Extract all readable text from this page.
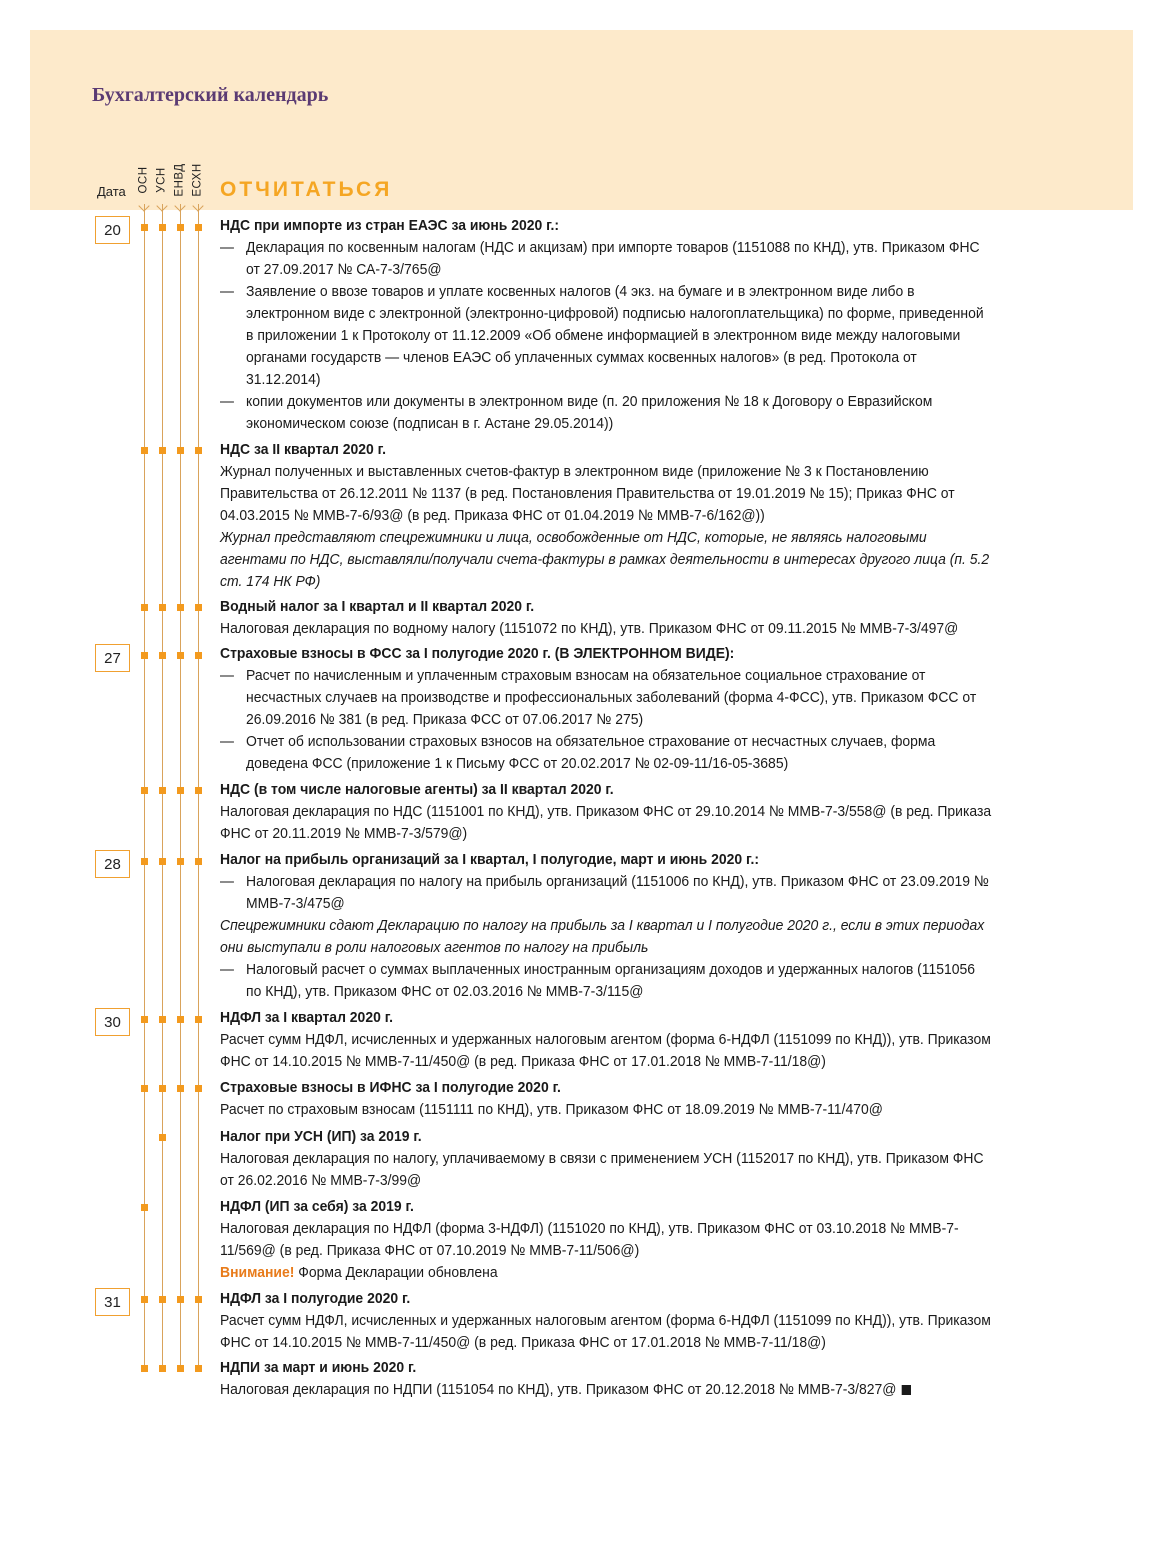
Бухгалтерский календарь
Дата ОСН УСН ЕНВД ЕСХН ОТЧИТАТЬСЯ
20
27
28
30
31
НДС при импорте из стран ЕАЭС за июнь 2020 г.:
— Декларация по косвенным налогам (НДС и акцизам) при импорте товаров (1151088 по КНД), утв. Приказом ФНС от 27.09.2017 № СА-7-3/765@
— Заявление о ввозе товаров и уплате косвенных налогов (4 экз. на бумаге и в электронном виде либо в электронном виде с электронной (электронно-цифровой) подписью налогоплательщика) по форме, приведенной в приложении 1 к Протоколу от 11.12.2009 «Об обмене информацией в электронном виде между налоговыми органами государств — членов ЕАЭС об уплаченных суммах косвенных налогов» (в ред. Протокола от 31.12.2014)
— копии документов или документы в электронном виде (п. 20 приложения № 18 к Договору о Евразийском экономическом союзе (подписан в г. Астане 29.05.2014))
НДС за II квартал 2020 г.
Журнал полученных и выставленных счетов-фактур в электронном виде (приложение № 3 к Постановлению Правительства от 26.12.2011 № 1137 (в ред. Постановления Правительства от 19.01.2019 № 15); Приказ ФНС от 04.03.2015 № ММВ-7-6/93@ (в ред. Приказа ФНС от 01.04.2019 № ММВ-7-6/162@))
Журнал представляют спецрежимники и лица, освобожденные от НДС, которые, не являясь налоговыми агентами по НДС, выставляли/получали счета-фактуры в рамках деятельности в интересах другого лица (п. 5.2 ст. 174 НК РФ)
Водный налог за I квартал и II квартал 2020 г.
Налоговая декларация по водному налогу (1151072 по КНД), утв. Приказом ФНС от 09.11.2015 № ММВ-7-3/497@
Страховые взносы в ФСС за I полугодие 2020 г. (В ЭЛЕКТРОННОМ ВИДЕ):
— Расчет по начисленным и уплаченным страховым взносам на обязательное социальное страхование от несчастных случаев на производстве и профессиональных заболеваний (форма 4-ФСС), утв. Приказом ФСС от 26.09.2016 № 381 (в ред. Приказа ФСС от 07.06.2017 № 275)
— Отчет об использовании страховых взносов на обязательное страхование от несчастных случаев, форма доведена ФСС (приложение 1 к Письму ФСС от 20.02.2017 № 02-09-11/16-05-3685)
НДС (в том числе налоговые агенты) за II квартал 2020 г.
Налоговая декларация по НДС (1151001 по КНД), утв. Приказом ФНС от 29.10.2014 № ММВ-7-3/558@ (в ред. Приказа ФНС от 20.11.2019 № ММВ-7-3/579@)
Налог на прибыль организаций за I квартал, I полугодие, март и июнь 2020 г.:
— Налоговая декларация по налогу на прибыль организаций (1151006 по КНД), утв. Приказом ФНС от 23.09.2019 № ММВ-7-3/475@
Спецрежимники сдают Декларацию по налогу на прибыль за I квартал и I полугодие 2020 г., если в этих периодах они выступали в роли налоговых агентов по налогу на прибыль
— Налоговый расчет о суммах выплаченных иностранным организациям доходов и удержанных налогов (1151056 по КНД), утв. Приказом ФНС от 02.03.2016 № ММВ-7-3/115@
НДФЛ за I квартал 2020 г.
Расчет сумм НДФЛ, исчисленных и удержанных налоговым агентом (форма 6-НДФЛ (1151099 по КНД)), утв. Приказом ФНС от 14.10.2015 № ММВ-7-11/450@ (в ред. Приказа ФНС от 17.01.2018 № ММВ-7-11/18@)
Страховые взносы в ИФНС за I полугодие 2020 г.
Расчет по страховым взносам (1151111 по КНД), утв. Приказом ФНС от 18.09.2019 № ММВ-7-11/470@
Налог при УСН (ИП) за 2019 г.
Налоговая декларация по налогу, уплачиваемому в связи с применением УСН (1152017 по КНД), утв. Приказом ФНС от 26.02.2016 № ММВ-7-3/99@
НДФЛ (ИП за себя) за 2019 г.
Налоговая декларация по НДФЛ (форма 3-НДФЛ) (1151020 по КНД), утв. Приказом ФНС от 03.10.2018 № ММВ-7-11/569@ (в ред. Приказа ФНС от 07.10.2019 № ММВ-7-11/506@)
Внимание! Форма Декларации обновлена
НДФЛ за I полугодие 2020 г.
Расчет сумм НДФЛ, исчисленных и удержанных налоговым агентом (форма 6-НДФЛ (1151099 по КНД)), утв. Приказом ФНС от 14.10.2015 № ММВ-7-11/450@ (в ред. Приказа ФНС от 17.01.2018 № ММВ-7-11/18@)
НДПИ за март и июнь 2020 г.
Налоговая декларация по НДПИ (1151054 по КНД), утв. Приказом ФНС от 20.12.2018 № ММВ-7-3/827@
